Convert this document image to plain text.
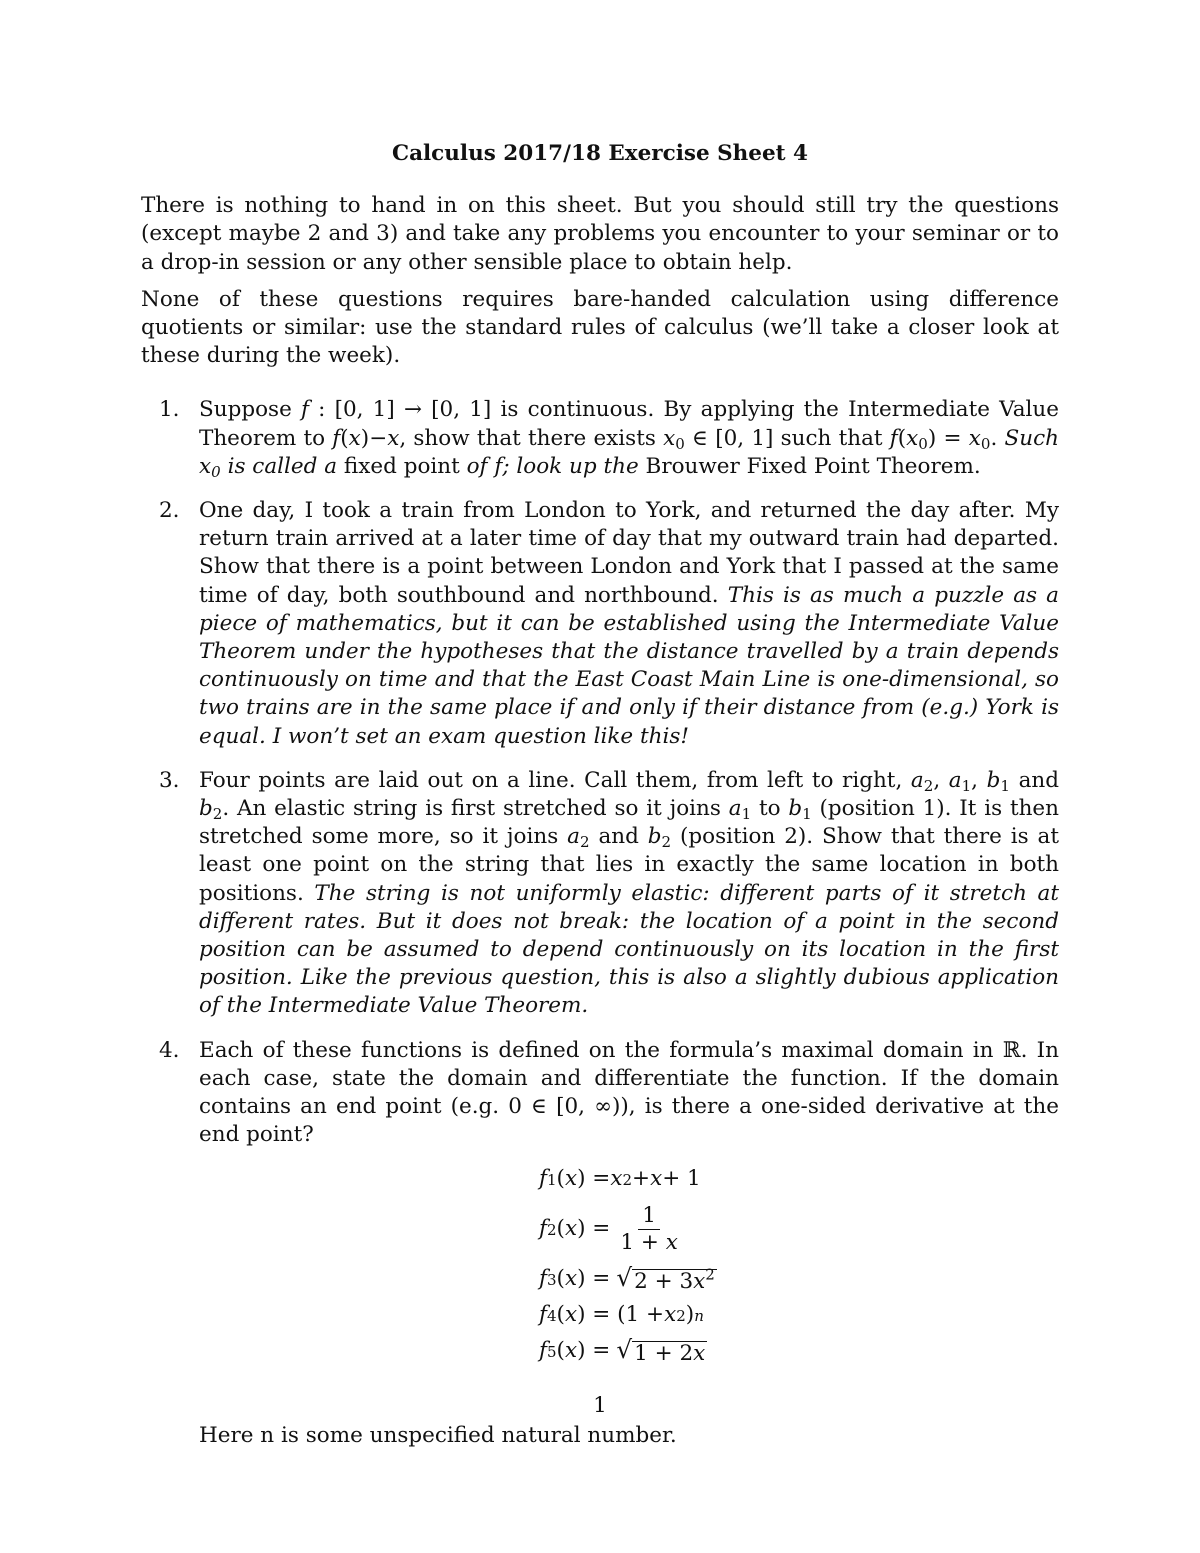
Calculus 2017/18 Exercise Sheet 4

There is nothing to hand in on this sheet. But you should still try the questions (except maybe 2 and 3) and take any problems you encounter to your seminar or to a drop-in session or any other sensible place to obtain help.

None of these questions requires bare-handed calculation using difference quotients or similar: use the standard rules of calculus (we’ll take a closer look at these during the week).

1. Suppose f : [0, 1] → [0, 1] is continuous. By applying the Intermediate Value Theorem to f(x)−x, show that there exists $x_0$ ∈ [0, 1] such that $f(x_0) = x_0$. Such $x_0$ is called a fixed point of f; look up the Brouwer Fixed Point Theorem.
2. One day, I took a train from London to York, and returned the day after. My return train arrived at a later time of day that my outward train had departed. Show that there is a point between London and York that I passed at the same time of day, both southbound and northbound. This is as much a puzzle as a piece of mathematics, but it can be established using the Intermediate Value Theorem under the hypotheses that the distance travelled by a train depends continuously on time and that the East Coast Main Line is one-dimensional, so two trains are in the same place if and only if their distance from (e.g.) York is equal. I won’t set an exam question like this!
3. Four points are laid out on a line. Call them, from left to right, $a_2$, $a_1$, $b_1$ and $b_2$. An elastic string is first stretched so it joins $a_1$ to $b_1$ (position 1). It is then stretched some more, so it joins $a_2$ and $b_2$ (position 2). Show that there is at least one point on the string that lies in exactly the same location in both positions. The string is not uniformly elastic: different parts of it stretch at different rates. But it does not break: the location of a point in the second position can be assumed to depend continuously on its location in the first position. Like the previous question, this is also a slightly dubious application of the Intermediate Value Theorem.
4. Each of these functions is defined on the formula’s maximal domain in ℝ. In each case, state the domain and differentiate the function. If the domain contains an end point (e.g. 0 ∈ [0, ∞)), is there a one-sided derivative at the end point?
f 1 ( x ) = x 2 + x + 1
f 2 ( x ) = $\frac{1}{1 + x}$
f 3 ( x ) = √ $2 + 3x^2$
f 4 ( x ) = (1 + x 2 ) n
f 5 ( x ) = √ 1 + 2x
Here n is some unspecified natural number.
1
